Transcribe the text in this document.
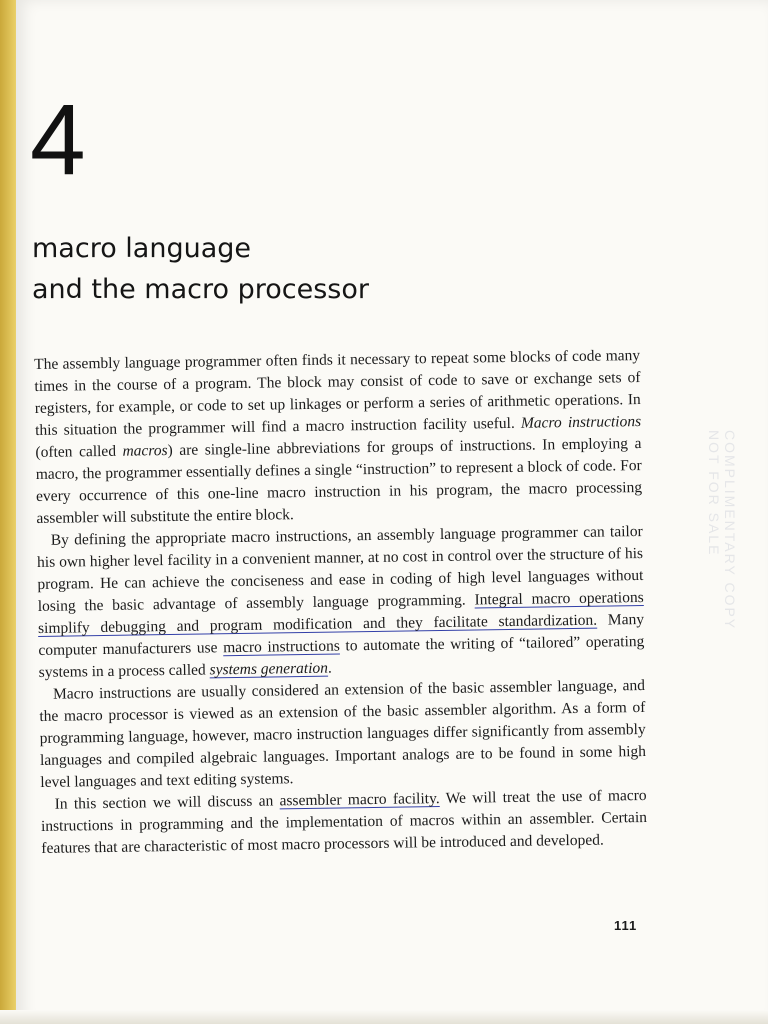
4
macro language
and the macro processor
COMPLIMENTARY COPY
NOT FOR SALE

The assembly language programmer often finds it necessary to repeat some blocks of code many times in the course of a program. The block may consist of code to save or exchange sets of registers, for example, or code to set up linkages or perform a series of arithmetic operations. In this situation the programmer will find a macro instruction facility useful. Macro instructions (often called macros) are single-line abbreviations for groups of instructions. In employing a macro, the programmer essentially defines a single “instruction” to represent a block of code. For every occurrence of this one-line macro instruction in his program, the macro processing assembler will substitute the entire block.

By defining the appropriate macro instructions, an assembly language programmer can tailor his own higher level facility in a convenient manner, at no cost in control over the structure of his program. He can achieve the conciseness and ease in coding of high level languages without losing the basic advantage of assembly language programming. Integral macro operations simplify debugging and program modification and they facilitate standardization. Many computer manufacturers use macro instructions to automate the writing of “tailored” operating systems in a process called systems generation.

Macro instructions are usually considered an extension of the basic assembler language, and the macro processor is viewed as an extension of the basic assembler algorithm. As a form of programming language, however, macro instruction languages differ significantly from assembly languages and compiled algebraic languages. Important analogs are to be found in some high level languages and text editing systems.

In this section we will discuss an assembler macro facility. We will treat the use of macro instructions in programming and the implementation of macros within an assembler. Certain features that are characteristic of most macro processors will be introduced and developed.

111
